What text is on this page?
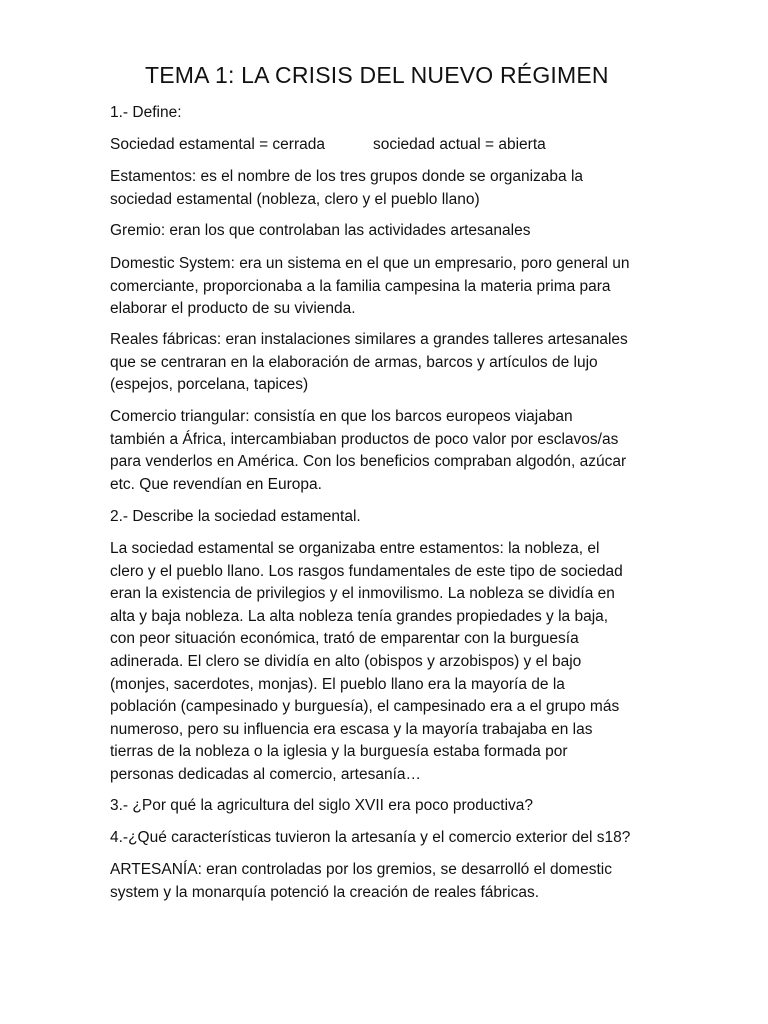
TEMA 1: LA CRISIS DEL NUEVO RÉGIMEN

1.- Define:

Sociedad estamental = cerrada	sociedad actual = abierta

Estamentos: es el nombre de los tres grupos donde se organizaba la
sociedad estamental (nobleza, clero y el pueblo llano)

Gremio: eran los que controlaban las actividades artesanales

Domestic System: era un sistema en el que un empresario, poro general un
comerciante, proporcionaba a la familia campesina la materia prima para
elaborar el producto de su vivienda.

Reales fábricas: eran instalaciones similares a grandes talleres artesanales
que se centraran en la elaboración de armas, barcos y artículos de lujo
(espejos, porcelana, tapices)

Comercio triangular: consistía en que los barcos europeos viajaban
también a África, intercambiaban productos de poco valor por esclavos/as
para venderlos en América. Con los beneficios compraban algodón, azúcar
etc. Que revendían en Europa.

2.- Describe la sociedad estamental.

La sociedad estamental se organizaba entre estamentos: la nobleza, el
clero y el pueblo llano. Los rasgos fundamentales de este tipo de sociedad
eran la existencia de privilegios y el inmovilismo. La nobleza se dividía en
alta y baja nobleza. La alta nobleza tenía grandes propiedades y la baja,
con peor situación económica, trató de emparentar con la burguesía
adinerada. El clero se dividía en alto (obispos y arzobispos) y el bajo
(monjes, sacerdotes, monjas). El pueblo llano era la mayoría de la
población (campesinado y burguesía), el campesinado era a el grupo más
numeroso, pero su influencia era escasa y la mayoría trabajaba en las
tierras de la nobleza o la iglesia y la burguesía estaba formada por
personas dedicadas al comercio, artesanía…

3.- ¿Por qué la agricultura del siglo XVII era poco productiva?

4.-¿Qué características tuvieron la artesanía y el comercio exterior del s18?

ARTESANÍA: eran controladas por los gremios, se desarrolló el domestic
system y la monarquía potenció la creación de reales fábricas.
